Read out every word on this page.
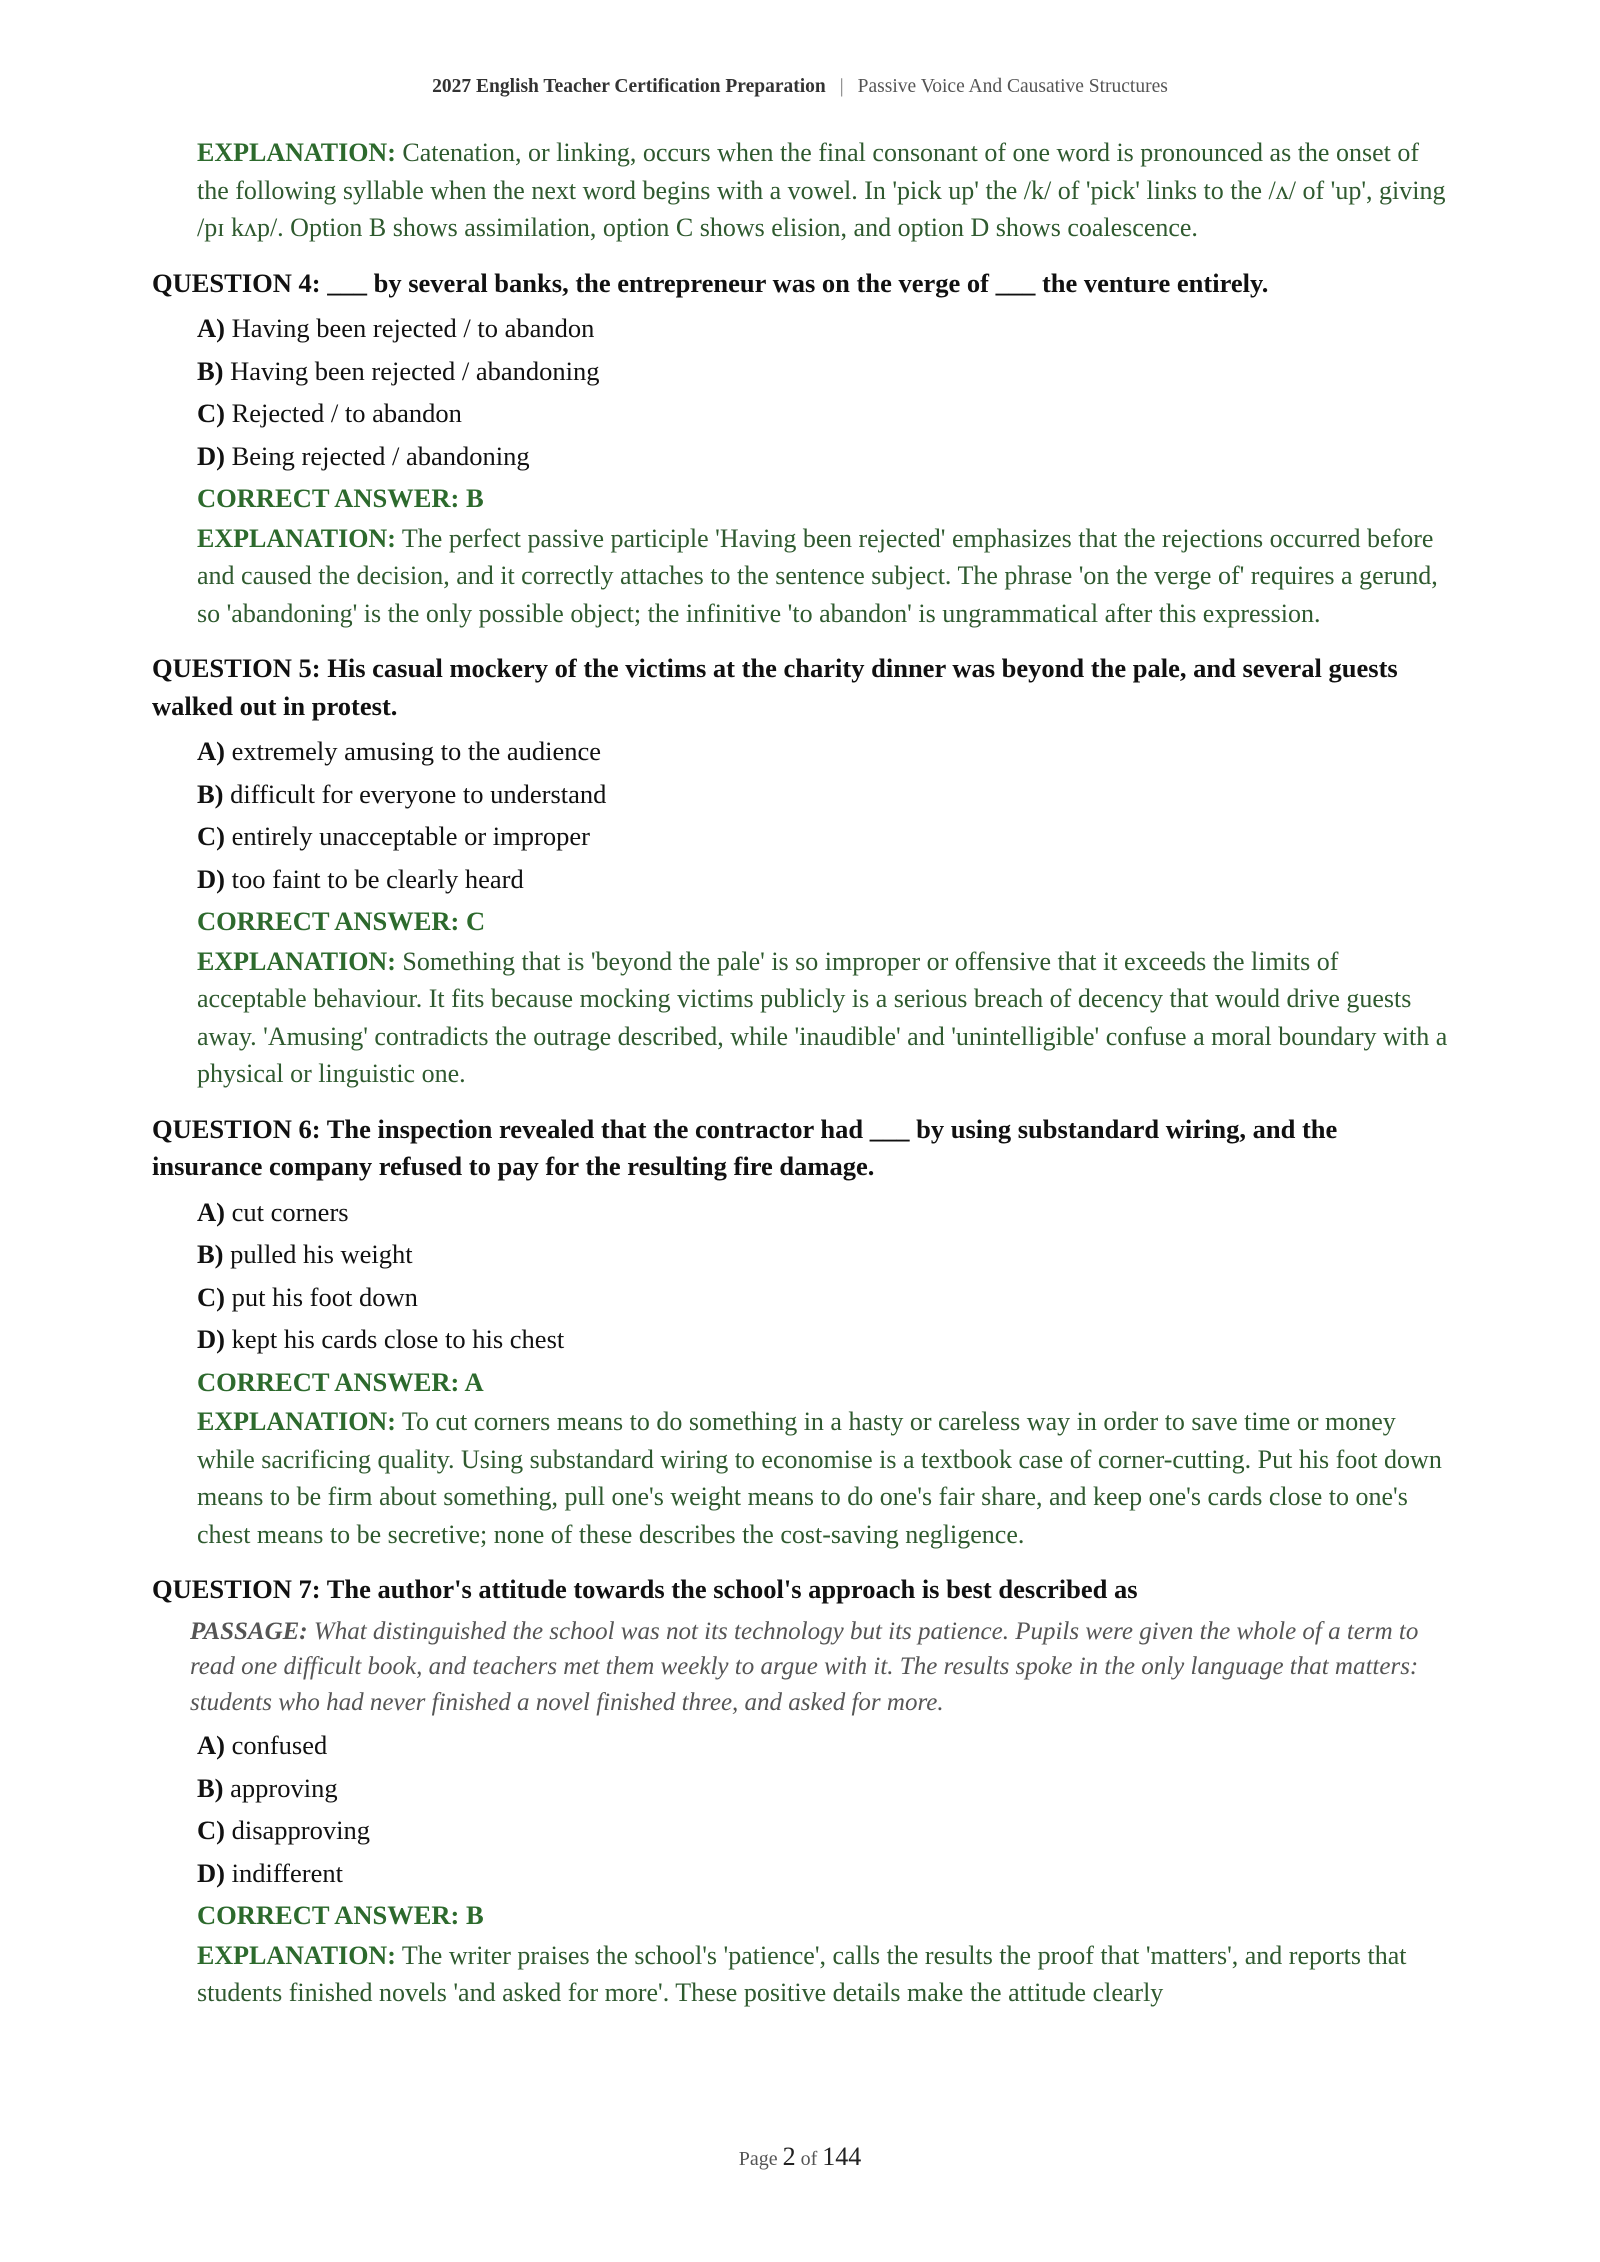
2027 English Teacher Certification Preparation | Passive Voice And Causative Structures
EXPLANATION: Catenation, or linking, occurs when the final consonant of one word is pronounced as the onset of the following syllable when the next word begins with a vowel. In 'pick up' the /k/ of 'pick' links to the /ʌ/ of 'up', giving /pɪ kʌp/. Option B shows assimilation, option C shows elision, and option D shows coalescence.
QUESTION 4: ___ by several banks, the entrepreneur was on the verge of ___ the venture entirely.
A) Having been rejected / to abandon
B) Having been rejected / abandoning
C) Rejected / to abandon
D) Being rejected / abandoning
CORRECT ANSWER: B
EXPLANATION: The perfect passive participle 'Having been rejected' emphasizes that the rejections occurred before and caused the decision, and it correctly attaches to the sentence subject. The phrase 'on the verge of' requires a gerund, so 'abandoning' is the only possible object; the infinitive 'to abandon' is ungrammatical after this expression.
QUESTION 5: His casual mockery of the victims at the charity dinner was beyond the pale, and several guests walked out in protest.
A) extremely amusing to the audience
B) difficult for everyone to understand
C) entirely unacceptable or improper
D) too faint to be clearly heard
CORRECT ANSWER: C
EXPLANATION: Something that is 'beyond the pale' is so improper or offensive that it exceeds the limits of acceptable behaviour. It fits because mocking victims publicly is a serious breach of decency that would drive guests away. 'Amusing' contradicts the outrage described, while 'inaudible' and 'unintelligible' confuse a moral boundary with a physical or linguistic one.
QUESTION 6: The inspection revealed that the contractor had ___ by using substandard wiring, and the insurance company refused to pay for the resulting fire damage.
A) cut corners
B) pulled his weight
C) put his foot down
D) kept his cards close to his chest
CORRECT ANSWER: A
EXPLANATION: To cut corners means to do something in a hasty or careless way in order to save time or money while sacrificing quality. Using substandard wiring to economise is a textbook case of corner-cutting. Put his foot down means to be firm about something, pull one's weight means to do one's fair share, and keep one's cards close to one's chest means to be secretive; none of these describes the cost-saving negligence.
QUESTION 7: The author's attitude towards the school's approach is best described as
PASSAGE: What distinguished the school was not its technology but its patience. Pupils were given the whole of a term to read one difficult book, and teachers met them weekly to argue with it. The results spoke in the only language that matters: students who had never finished a novel finished three, and asked for more.
A) confused
B) approving
C) disapproving
D) indifferent
CORRECT ANSWER: B
EXPLANATION: The writer praises the school's 'patience', calls the results the proof that 'matters', and reports that students finished novels 'and asked for more'. These positive details make the attitude clearly
Page 2 of 144
